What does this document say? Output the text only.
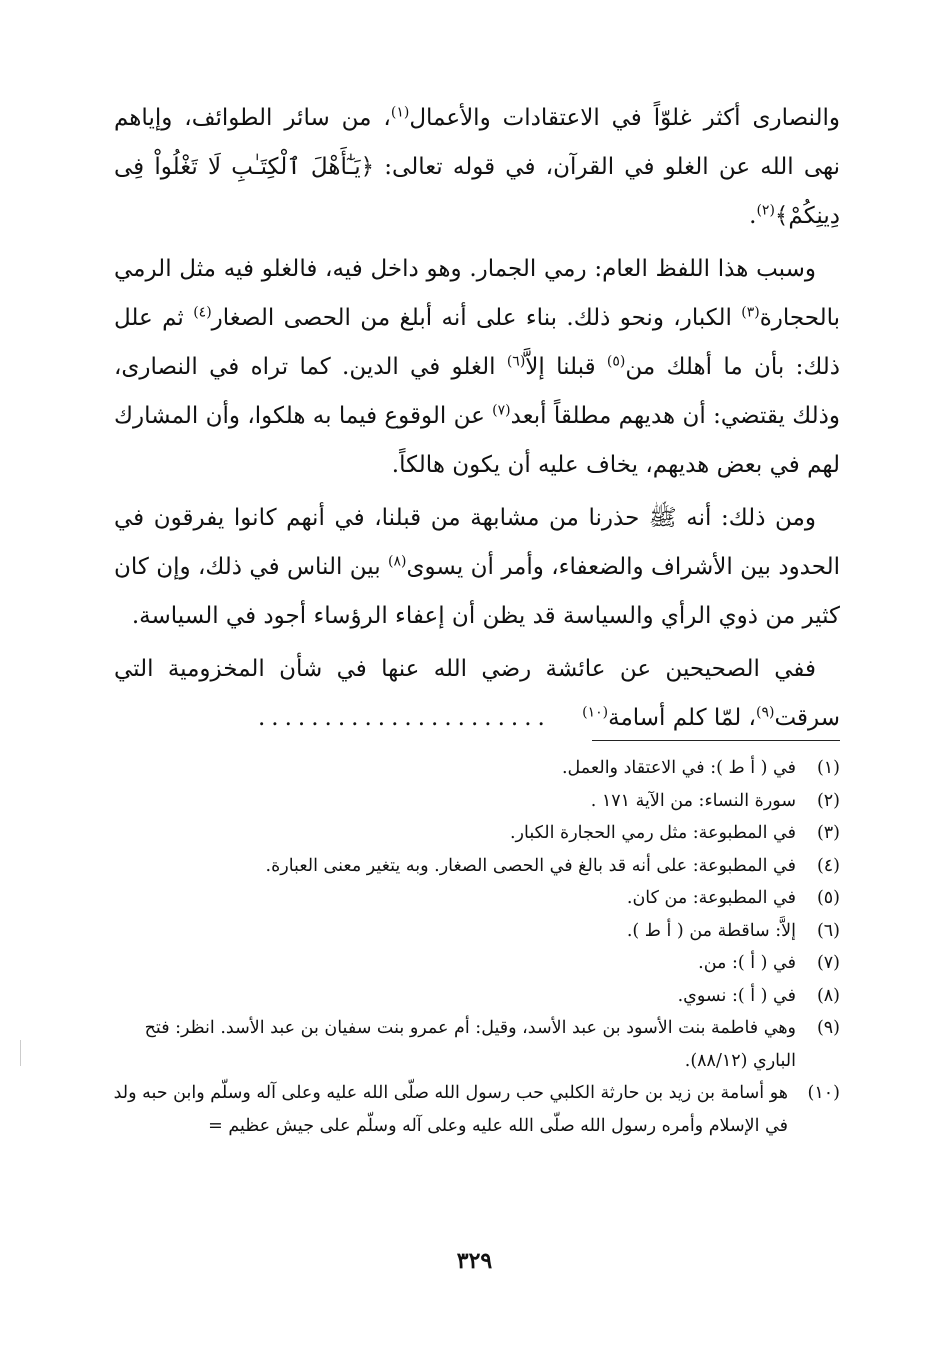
والنصارى أكثر غلوّاً في الاعتقادات والأعمال$^{(١)}$، من سائر الطوائف، وإياهم نهى الله عن الغلو في القرآن، في قوله تعالى: ﴿يَـٰٓأَهْلَ ٱلْكِتَـٰبِ لَا تَغْلُواْ فِى دِينِكُمْ﴾$^{(٢)}$.

وسبب هذا اللفظ العام: رمي الجمار. وهو داخل فيه، فالغلو فيه مثل الرمي بالحجارة$^{(٣)}$ الكبار، ونحو ذلك. بناء على أنه أبلغ من الحصى الصغار$^{(٤)}$ ثم علل ذلك: بأن ما أهلك من$^{(٥)}$ قبلنا إلاَّ$^{(٦)}$ الغلو في الدين. كما تراه في النصارى، وذلك يقتضي: أن هديهم مطلقاً أبعد$^{(٧)}$ عن الوقوع فيما به هلكوا، وأن المشارك لهم في بعض هديهم، يخاف عليه أن يكون هالكاً.

ومن ذلك: أنه ﷺ حذرنا من مشابهة من قبلنا، في أنهم كانوا يفرقون في الحدود بين الأشراف والضعفاء، وأمر أن يسوى$^{(٨)}$ بين الناس في ذلك، وإن كان كثير من ذوي الرأي والسياسة قد يظن أن إعفاء الرؤساء أجود في السياسة.

ففي الصحيحين عن عائشة رضي الله عنها في شأن المخزومية التي سرقت$^{(٩)}$، لمّا كلم أسامة$^{(١٠)}$ ......................

(١)
في ( أ ط ): في الاعتقاد والعمل.
(٢)
سورة النساء: من الآية ١٧١ .
(٣)
في المطبوعة: مثل رمي الحجارة الكبار.
(٤)
في المطبوعة: على أنه قد بالغ في الحصى الصغار. وبه يتغير معنى العبارة.
(٥)
في المطبوعة: من كان.
(٦)
إلاَّ: ساقطة من ( أ ط ).
(٧)
في ( أ ): من.
(٨)
في ( أ ): نسوي.
(٩)
وهي فاطمة بنت الأسود بن عبد الأسد، وقيل: أم عمرو بنت سفيان بن عبد الأسد. انظر: فتح الباري (٨٨/١٢).
(١٠)
هو أسامة بن زيد بن حارثة الكلبي حب رسول الله صلّى الله عليه وعلى آله وسلّم وابن حبه ولد في الإسلام وأمره رسول الله صلّى الله عليه وعلى آله وسلّم على جيش عظيم =
٣٢٩
